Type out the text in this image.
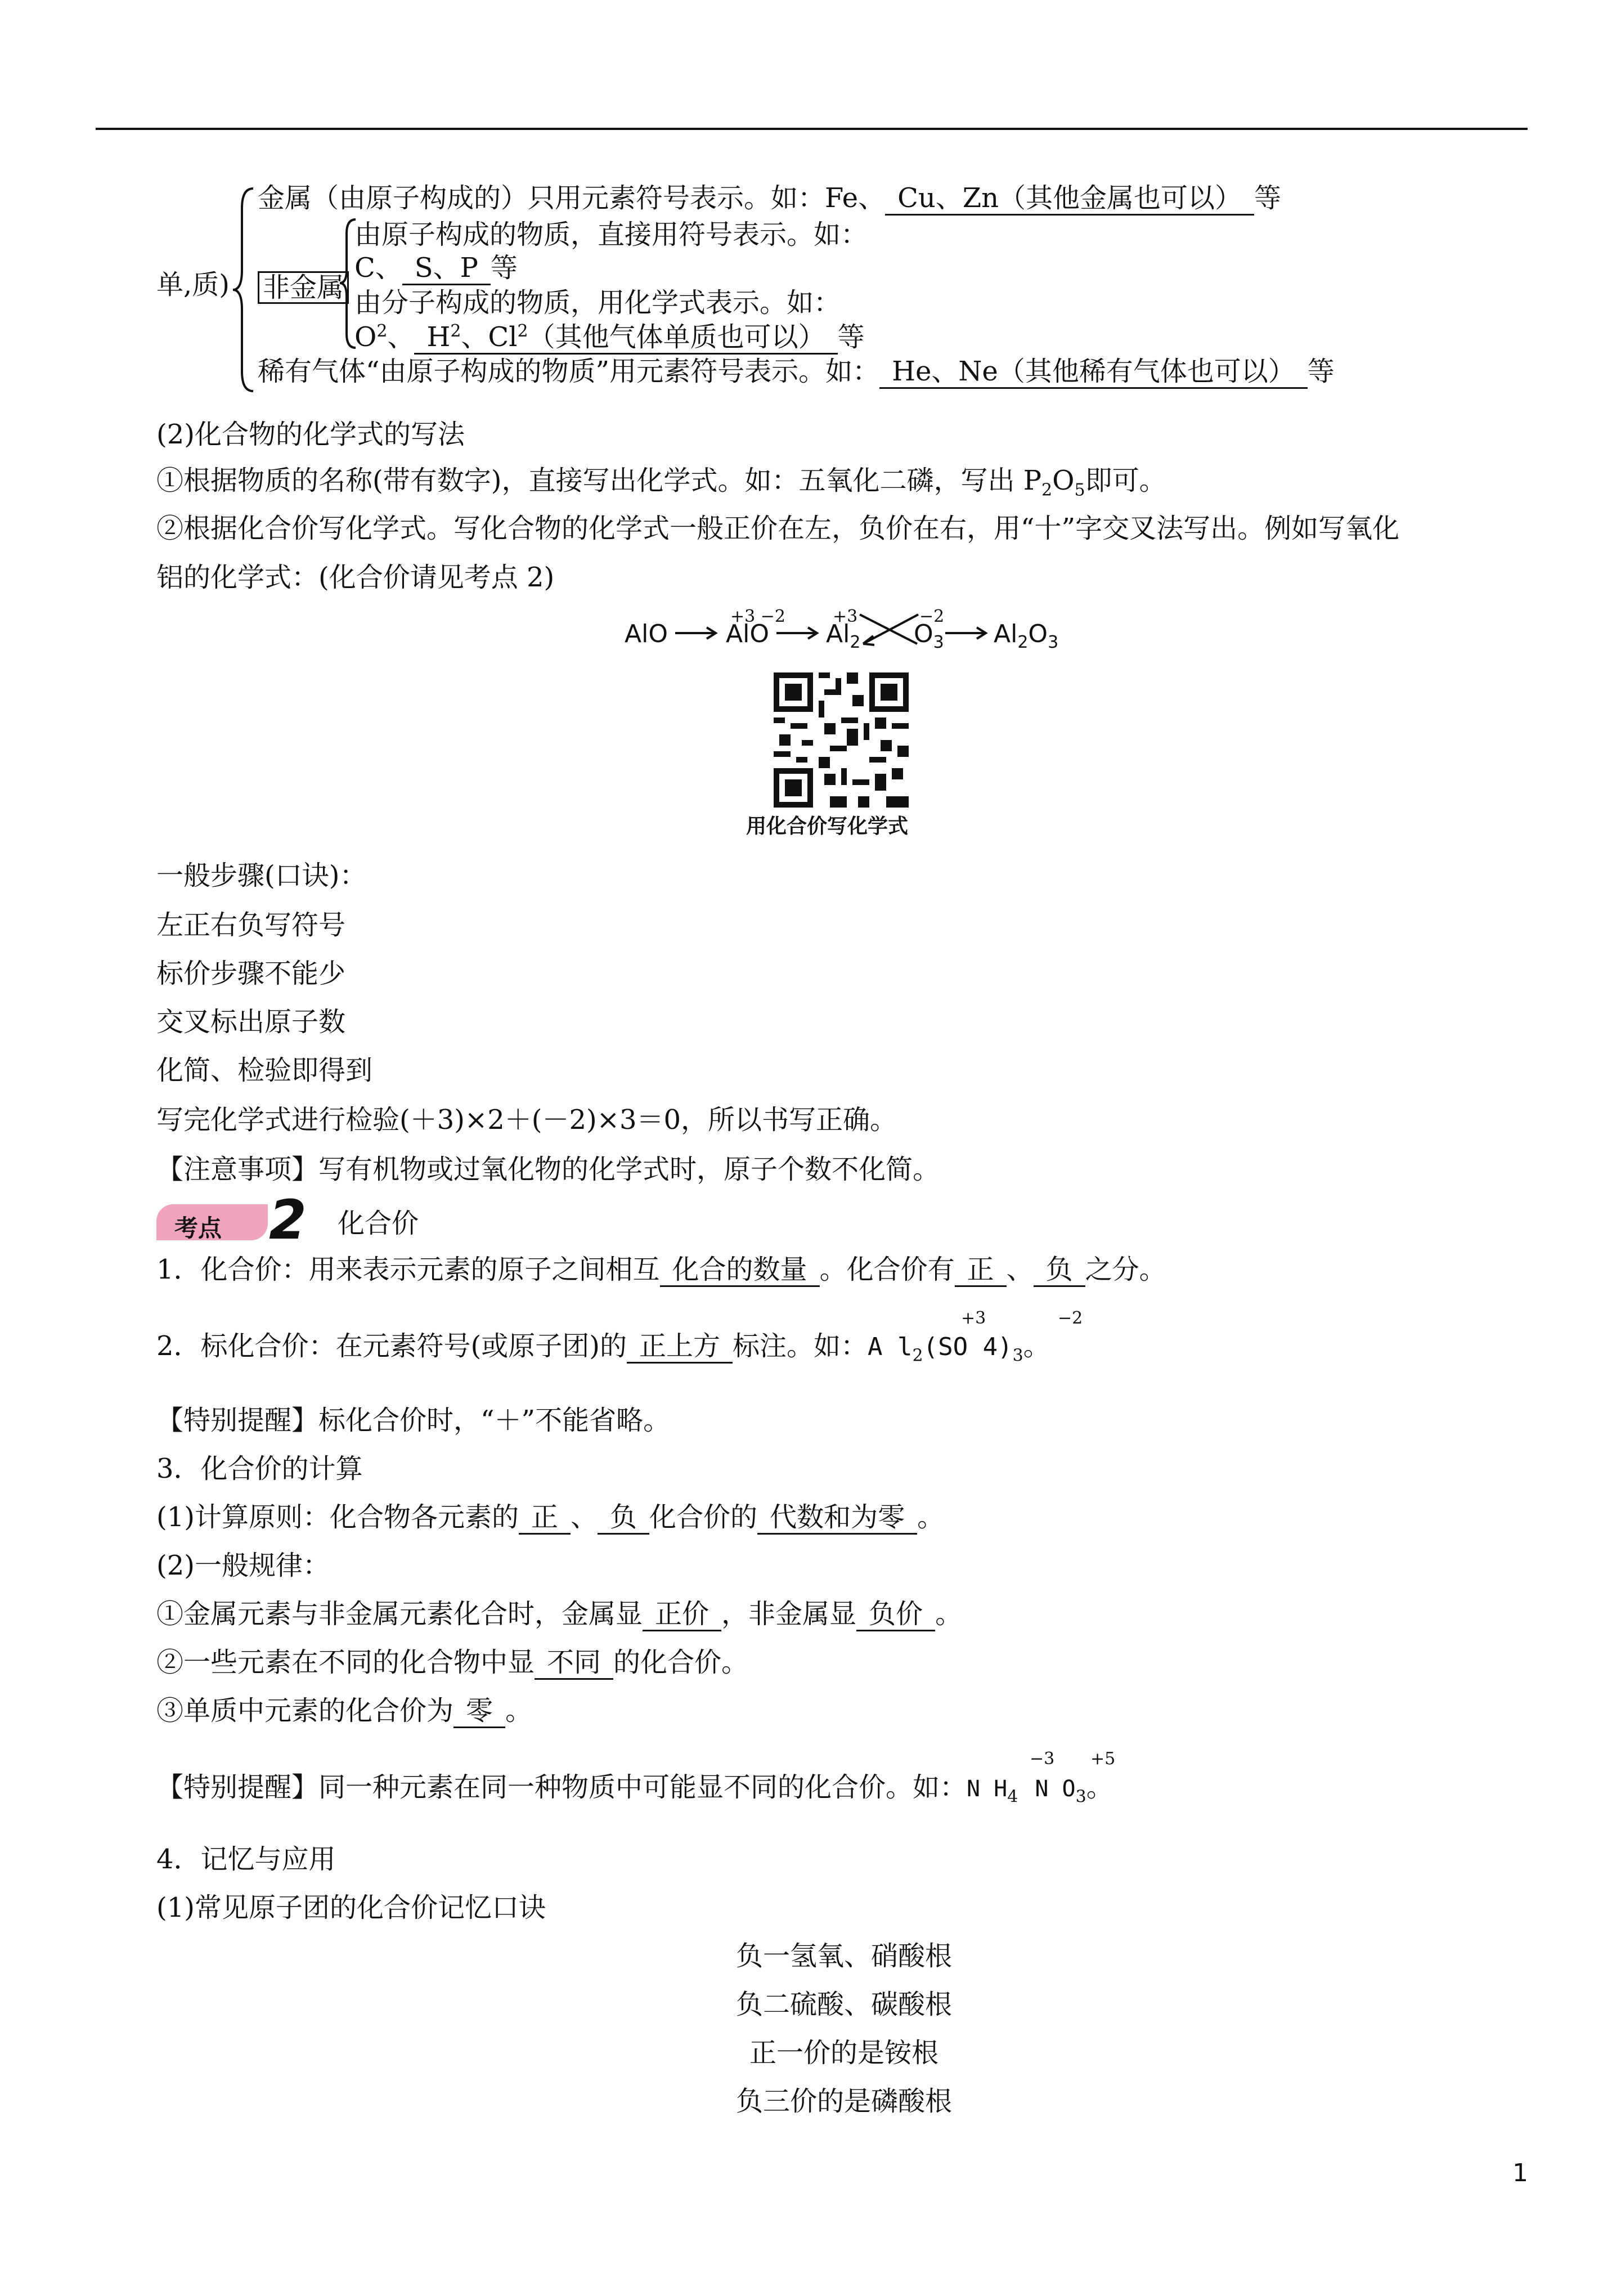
单,质)
金属（由原子构成的）只用元素符号表示。如：Fe、 Cu、Zn（其他金属也可以） 等
非金属
由原子构成的物质，直接用符号表示。如：
C、 S、P 等
由分子构成的物质，用化学式表示。如：
$O^2$、 $H^2$、Cl$^2$（其他气体单质也可以） 等
稀有气体“由原子构成的物质”用元素符号表示。如： He、Ne（其他稀有气体也可以） 等
(2)化合物的化学式的写法
①根据物质的名称(带有数字)，直接写出化学式。如：五氧化二磷，写出 $P_2O_5$即可。
②根据化合价写化学式。写化合物的化学式一般正价在左，负价在右，用“十”字交叉法写出。例如写氧化
铝的化学式：(化合价请见考点 2)
AlO
+3 −2
AlO
+3
$Al_2$
−2
$O_3$ $Al_2O_3$
用化合价写化学式
一般步骤(口诀)：
左正右负写符号
标价步骤不能少
交叉标出原子数
化简、检验即得到
写完化学式进行检验(＋3)×2＋(－2)×3＝0，所以书写正确。
【注意事项】写有机物或过氧化物的化学式时，原子个数不化简。
考点 2 化合价
1．化合价：用来表示元素的原子之间相互 化合的数量 。化合价有 正 、 负 之分。
+3	−2
2．标化合价：在元素符号(或原子团)的 正上方 标注。如：A $l_2(SO$ $4)_3$。
【特别提醒】标化合价时，“＋”不能省略。
3．化合价的计算
(1)计算原则：化合物各元素的 正 、 负 化合价的 代数和为零 。
(2)一般规律：
①金属元素与非金属元素化合时，金属显 正价 ，非金属显 负价 。
②一些元素在不同的化合物中显 不同 的化合价。
③单质中元素的化合价为 零 。
−3 +5
【特别提醒】同一种元素在同一种物质中可能显不同的化合价。如：N $H_4$ N $O_3$。
4．记忆与应用
(1)常见原子团的化合价记忆口诀
负一氢氧、硝酸根
负二硫酸、碳酸根
正一价的是铵根
负三价的是磷酸根
1
